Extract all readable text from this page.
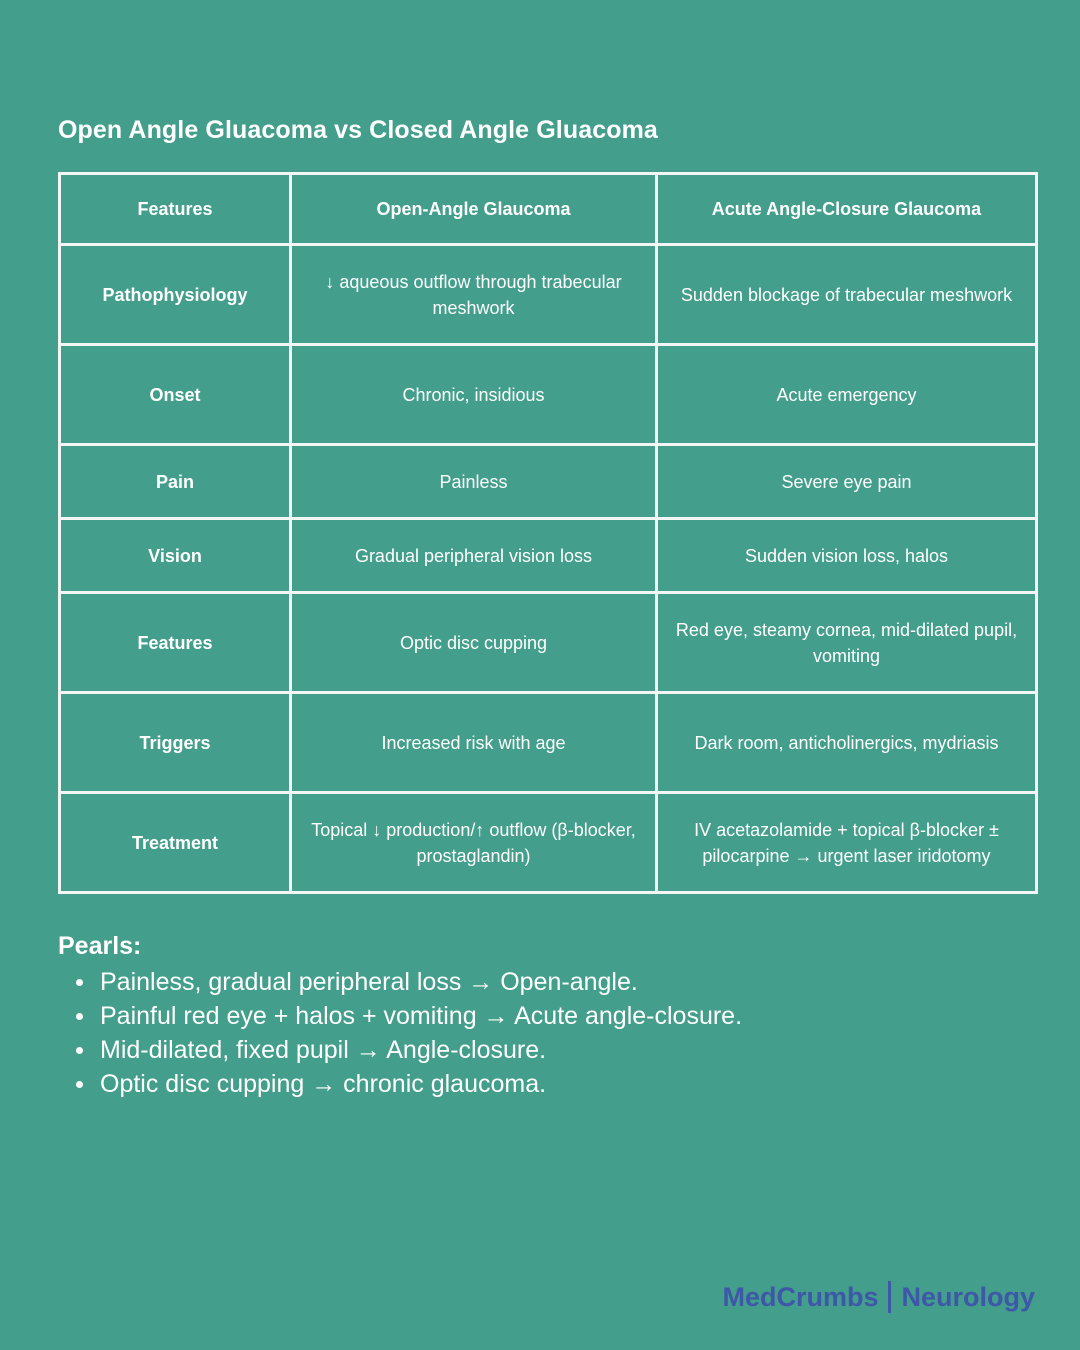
Open Angle Gluacoma vs Closed Angle Gluacoma
Features	Open-Angle Glaucoma	Acute Angle-Closure Glaucoma
Pathophysiology	↓ aqueous outflow through trabecular meshwork	Sudden blockage of trabecular meshwork
Onset	Chronic, insidious	Acute emergency
Pain	Painless	Severe eye pain
Vision	Gradual peripheral vision loss	Sudden vision loss, halos
Features	Optic disc cupping	Red eye, steamy cornea, mid-dilated pupil, vomiting
Triggers	Increased risk with age	Dark room, anticholinergics, mydriasis
Treatment	Topical ↓ production/↑ outflow (β-blocker, prostaglandin)	IV acetazolamide + topical β-blocker ± pilocarpine → urgent laser iridotomy
Pearls:
Painless, gradual peripheral loss → Open-angle.
Painful red eye + halos + vomiting → Acute angle-closure.
Mid-dilated, fixed pupil → Angle-closure.
Optic disc cupping → chronic glaucoma.
MedCrumbs Neurology
